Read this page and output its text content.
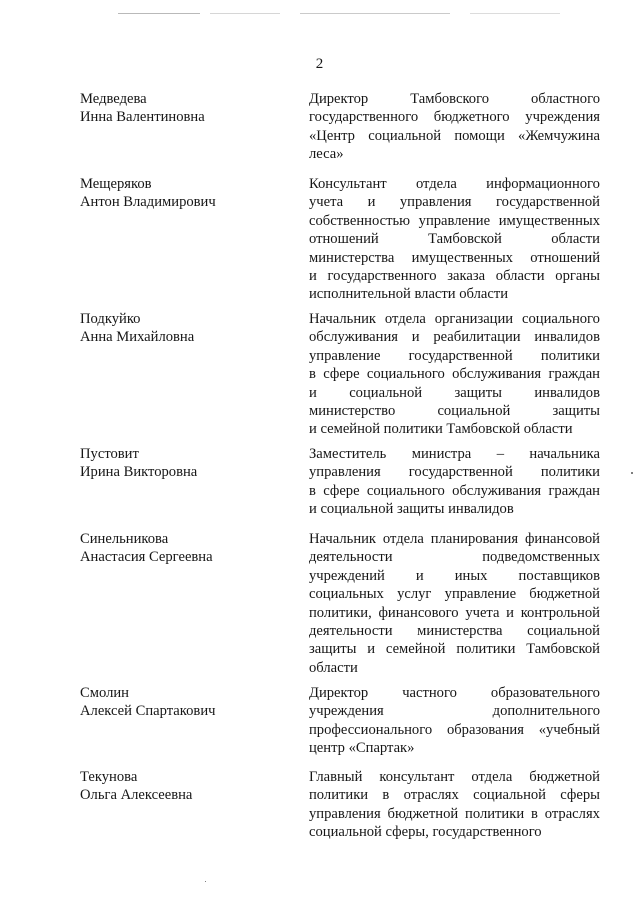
2
Медведева
Инна Валентиновна
Директор	Тамбовского	областного
государственного бюджетного учреждения
«Центр социальной помощи «Жемчужина
леса»
Мещеряков
Антон Владимирович
Консультант отдела информационного
учета и управления государственной
собственностью управление имущественных
отношений	Тамбовской	области
министерства имущественных отношений
и государственного заказа области органы
исполнительной власти области
Подкуйко
Анна Михайловна
Начальник отдела организации социального
обслуживания и реабилитации инвалидов
управление государственной политики
в сфере социального обслуживания граждан
и социальной защиты инвалидов
министерство	социальной	защиты
и семейной политики Тамбовской области
Пустовит
Ирина Викторовна
Заместитель министра – начальника
управления государственной политики
в сфере социального обслуживания граждан
и социальной защиты инвалидов
Синельникова
Анастасия Сергеевна
Начальник отдела планирования финансовой
деятельности	подведомственных
учреждений и иных поставщиков
социальных услуг управление бюджетной
политики, финансового учета и контрольной
деятельности министерства социальной
защиты и семейной политики Тамбовской
области
Смолин
Алексей Спартакович
Директор частного образовательного
учреждения	дополнительного
профессионального образования «учебный
центр «Спартак»
Текунова
Ольга Алексеевна
Главный консультант отдела бюджетной
политики в отраслях социальной сферы
управления бюджетной политики в отраслях
социальной сферы, государственного
